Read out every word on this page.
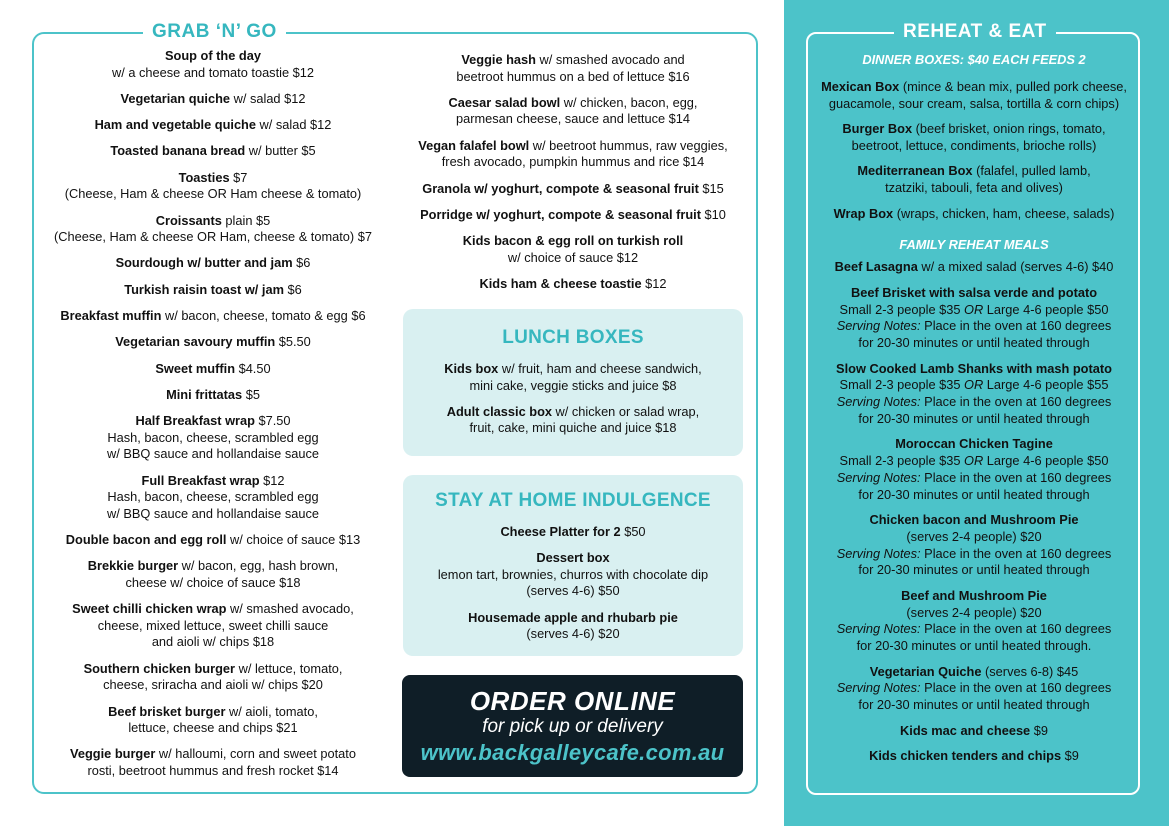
GRAB ‘N’ GO
Soup of the day
w/ a cheese and tomato toastie $12
Vegetarian quiche w/ salad $12
Ham and vegetable quiche w/ salad $12
Toasted banana bread w/ butter $5
Toasties $7
(Cheese, Ham & cheese OR Ham cheese & tomato)
Croissants plain $5
(Cheese, Ham & cheese OR Ham, cheese & tomato) $7
Sourdough w/ butter and jam $6
Turkish raisin toast w/ jam $6
Breakfast muffin w/ bacon, cheese, tomato & egg $6
Vegetarian savoury muffin $5.50
Sweet muffin $4.50
Mini frittatas $5
Half Breakfast wrap $7.50
Hash, bacon, cheese, scrambled egg
w/ BBQ sauce and hollandaise sauce
Full Breakfast wrap $12
Hash, bacon, cheese, scrambled egg
w/ BBQ sauce and hollandaise sauce
Double bacon and egg roll w/ choice of sauce $13
Brekkie burger w/ bacon, egg, hash brown,
cheese w/ choice of sauce $18
Sweet chilli chicken wrap w/ smashed avocado,
cheese, mixed lettuce, sweet chilli sauce
and aioli w/ chips $18
Southern chicken burger w/ lettuce, tomato,
cheese, sriracha and aioli w/ chips $20
Beef brisket burger w/ aioli, tomato,
lettuce, cheese and chips $21
Veggie burger w/ halloumi, corn and sweet potato
rosti, beetroot hummus and fresh rocket $14
Veggie hash w/ smashed avocado and
beetroot hummus on a bed of lettuce $16
Caesar salad bowl w/ chicken, bacon, egg,
parmesan cheese, sauce and lettuce $14
Vegan falafel bowl w/ beetroot hummus, raw veggies,
fresh avocado, pumpkin hummus and rice $14
Granola w/ yoghurt, compote & seasonal fruit $15
Porridge w/ yoghurt, compote & seasonal fruit $10
Kids bacon & egg roll on turkish roll
w/ choice of sauce $12
Kids ham & cheese toastie $12
LUNCH BOXES
Kids box w/ fruit, ham and cheese sandwich,
mini cake, veggie sticks and juice $8
Adult classic box w/ chicken or salad wrap,
fruit, cake, mini quiche and juice $18
STAY AT HOME INDULGENCE
Cheese Platter for 2 $50
Dessert box
lemon tart, brownies, churros with chocolate dip
(serves 4-6) $50
Housemade apple and rhubarb pie
(serves 4-6) $20
ORDER ONLINE
for pick up or delivery
www.backgalleycafe.com.au
REHEAT & EAT
DINNER BOXES: $40 EACH FEEDS 2
Mexican Box (mince & bean mix, pulled pork cheese,
guacamole, sour cream, salsa, tortilla & corn chips)
Burger Box (beef brisket, onion rings, tomato,
beetroot, lettuce, condiments, brioche rolls)
Mediterranean Box (falafel, pulled lamb,
tzatziki, tabouli, feta and olives)
Wrap Box (wraps, chicken, ham, cheese, salads)
FAMILY REHEAT MEALS
Beef Lasagna w/ a mixed salad (serves 4-6) $40
Beef Brisket with salsa verde and potato
Small 2-3 people $35 OR Large 4-6 people $50
Serving Notes: Place in the oven at 160 degrees
for 20-30 minutes or until heated through
Slow Cooked Lamb Shanks with mash potato
Small 2-3 people $35 OR Large 4-6 people $55
Serving Notes: Place in the oven at 160 degrees
for 20-30 minutes or until heated through
Moroccan Chicken Tagine
Small 2-3 people $35 OR Large 4-6 people $50
Serving Notes: Place in the oven at 160 degrees
for 20-30 minutes or until heated through
Chicken bacon and Mushroom Pie
(serves 2-4 people) $20
Serving Notes: Place in the oven at 160 degrees
for 20-30 minutes or until heated through
Beef and Mushroom Pie
(serves 2-4 people) $20
Serving Notes: Place in the oven at 160 degrees
for 20-30 minutes or until heated through.
Vegetarian Quiche (serves 6-8) $45
Serving Notes: Place in the oven at 160 degrees
for 20-30 minutes or until heated through
Kids mac and cheese $9
Kids chicken tenders and chips $9
